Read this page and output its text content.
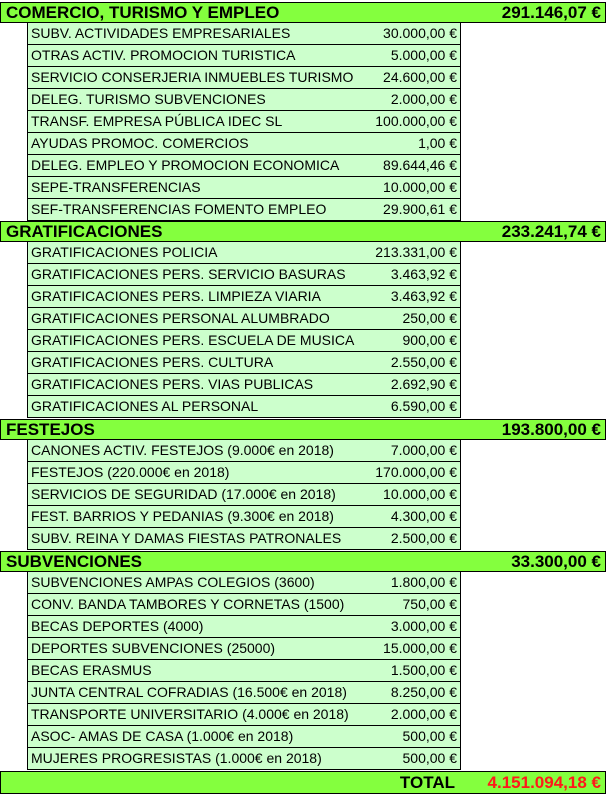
COMERCIO, TURISMO Y EMPLEO	291.146,07 €
SUBV. ACTIVIDADES EMPRESARIALES	30.000,00 €
OTRAS ACTIV. PROMOCION TURISTICA	5.000,00 €
SERVICIO CONSERJERIA INMUEBLES TURISMO 24.600,00 €
DELEG. TURISMO SUBVENCIONES	2.000,00 €
TRANSF. EMPRESA PÚBLICA IDEC SL	100.000,00 €
AYUDAS PROMOC. COMERCIOS	1,00 €
DELEG. EMPLEO Y PROMOCION ECONOMICA	89.644,46 €
SEPE-TRANSFERENCIAS	10.000,00 €
SEF-TRANSFERENCIAS FOMENTO EMPLEO	29.900,61 €
GRATIFICACIONES	233.241,74 €
GRATIFICACIONES POLICIA	213.331,00 €
GRATIFICACIONES PERS. SERVICIO BASURAS	3.463,92 €
GRATIFICACIONES PERS. LIMPIEZA VIARIA	3.463,92 €
GRATIFICACIONES PERSONAL ALUMBRADO	250,00 €
GRATIFICACIONES PERS. ESCUELA DE MUSICA	900,00 €
GRATIFICACIONES PERS. CULTURA	2.550,00 €
GRATIFICACIONES PERS. VIAS PUBLICAS	2.692,90 €
GRATIFICACIONES AL PERSONAL	6.590,00 €
FESTEJOS	193.800,00 €
CANONES ACTIV. FESTEJOS (9.000€ en 2018)	7.000,00 €
FESTEJOS (220.000€ en 2018)	170.000,00 €
SERVICIOS DE SEGURIDAD (17.000€ en 2018)	10.000,00 €
FEST. BARRIOS Y PEDANIAS (9.300€ en 2018)	4.300,00 €
SUBV. REINA Y DAMAS FIESTAS PATRONALES	2.500,00 €
SUBVENCIONES	33.300,00 €
SUBVENCIONES AMPAS COLEGIOS (3600)	1.800,00 €
CONV. BANDA TAMBORES Y CORNETAS (1500)	750,00 €
BECAS DEPORTES (4000)	3.000,00 €
DEPORTES SUBVENCIONES (25000)	15.000,00 €
BECAS ERASMUS	1.500,00 €
JUNTA CENTRAL COFRADIAS (16.500€ en 2018)	8.250,00 €
TRANSPORTE UNIVERSITARIO (4.000€ en 2018)	2.000,00 €
ASOC- AMAS DE CASA (1.000€ en 2018)	500,00 €
MUJERES PROGRESISTAS (1.000€ en 2018)	500,00 €
TOTAL 4.151.094,18 €
